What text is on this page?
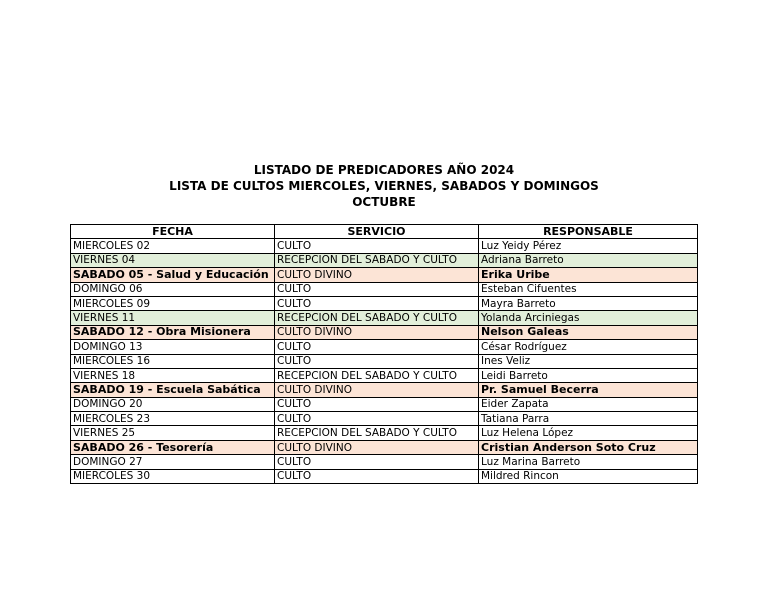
LISTADO DE PREDICADORES AÑO 2024
LISTA DE CULTOS MIERCOLES, VIERNES, SABADOS Y DOMINGOS
OCTUBRE
FECHA	SERVICIO	RESPONSABLE
MIERCOLES 02	CULTO	Luz Yeidy Pérez
VIERNES 04	RECEPCION DEL SABADO Y CULTO	Adriana Barreto
SABADO 05 - Salud y Educación	CULTO DIVINO	Erika Uribe
DOMINGO 06	CULTO	Esteban Cifuentes
MIERCOLES 09	CULTO	Mayra Barreto
VIERNES 11	RECEPCION DEL SABADO Y CULTO	Yolanda Arciniegas
SABADO 12 - Obra Misionera	CULTO DIVINO	Nelson Galeas
DOMINGO 13	CULTO	César Rodríguez
MIERCOLES 16	CULTO	Ines Veliz
VIERNES 18	RECEPCION DEL SABADO Y CULTO	Leidi Barreto
SABADO 19 - Escuela Sabática	CULTO DIVINO	Pr. Samuel Becerra
DOMINGO 20	CULTO	Eider Zapata
MIERCOLES 23	CULTO	Tatiana Parra
VIERNES 25	RECEPCION DEL SABADO Y CULTO	Luz Helena López
SABADO 26 - Tesorería	CULTO DIVINO	Cristian Anderson Soto Cruz
DOMINGO 27	CULTO	Luz Marina Barreto
MIERCOLES 30	CULTO	Mildred Rincon
